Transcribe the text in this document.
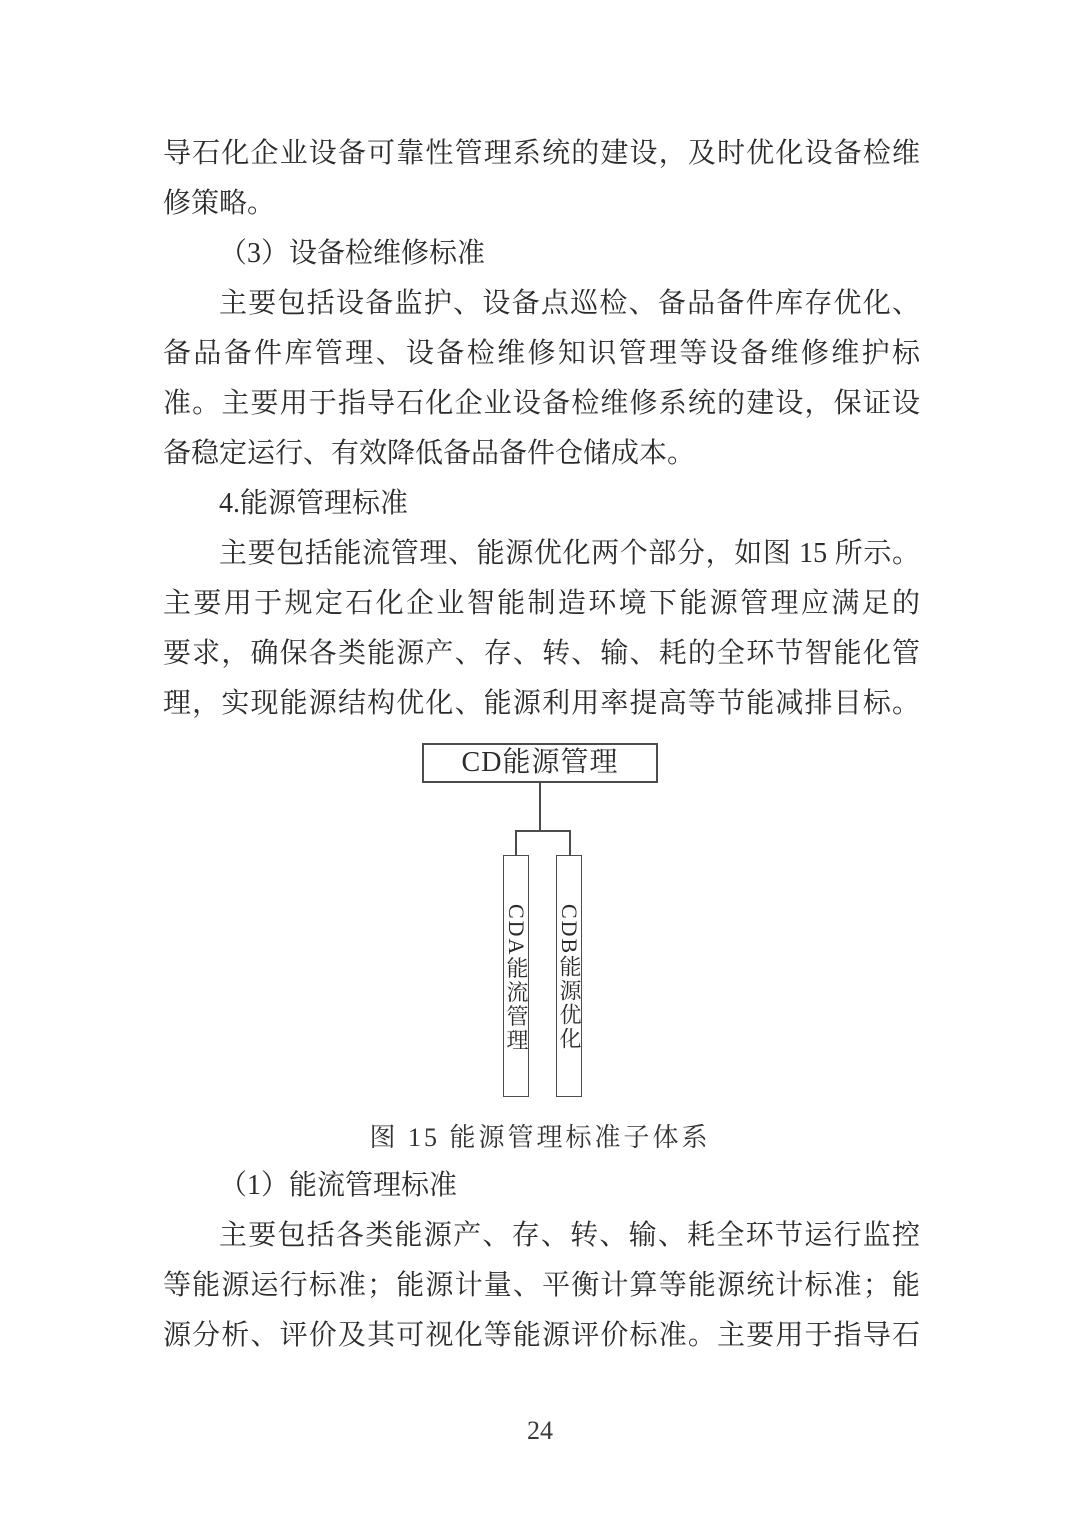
导石化企业设备可靠性管理系统的建设，及时优化设备检维
修策略。
（3）设备检维修标准
主要包括设备监护、设备点巡检、备品备件库存优化、
备品备件库管理、设备检维修知识管理等设备维修维护标
准。主要用于指导石化企业设备检维修系统的建设，保证设
备稳定运行、有效降低备品备件仓储成本。
4.能源管理标准
主要包括能流管理、能源优化两个部分，如图 15 所示。
主要用于规定石化企业智能制造环境下能源管理应满足的
要求，确保各类能源产、存、转、输、耗的全环节智能化管
理，实现能源结构优化、能源利用率提高等节能减排目标。
CD能源管理
CDA能流管理 CDB能源优化
图 15 能源管理标准子体系
（1）能流管理标准
主要包括各类能源产、存、转、输、耗全环节运行监控
等能源运行标准；能源计量、平衡计算等能源统计标准；能
源分析、评价及其可视化等能源评价标准。主要用于指导石
24
